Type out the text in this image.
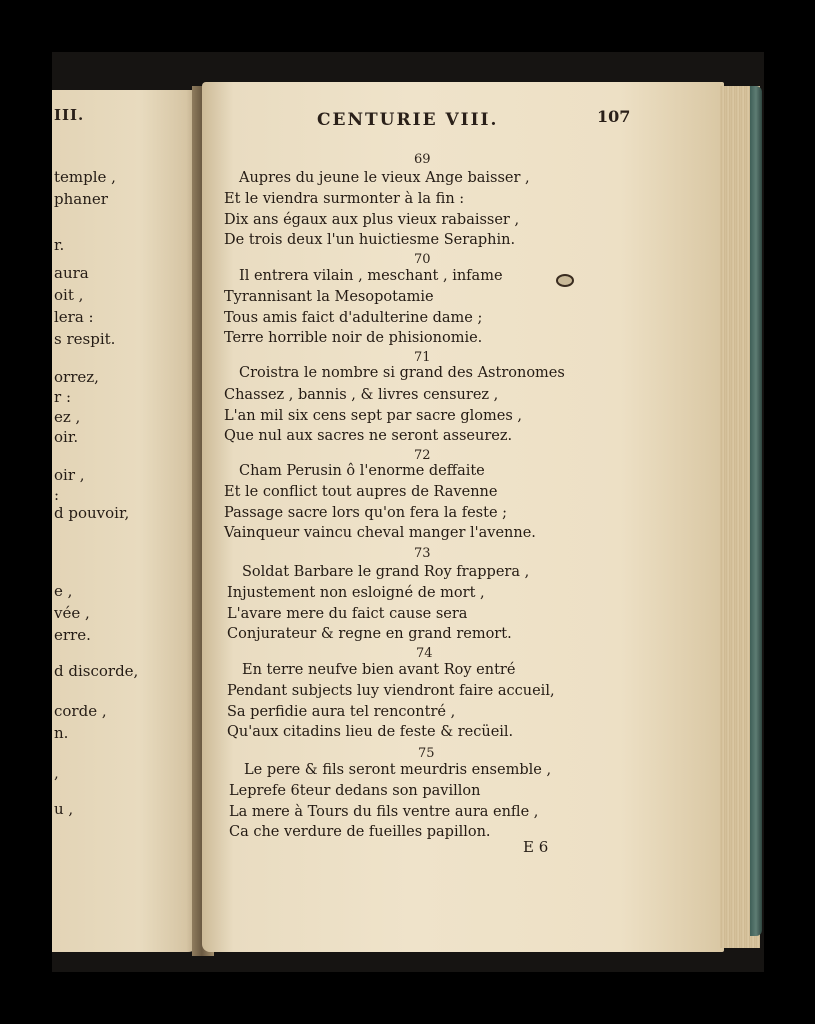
III.
temple ,
phaner
r.
aura
oit ,
lera :
s respit.
orrez,
r :
ez ,
oir.
oir ,
:
d pouvoir,
e ,
vée ,
erre.
d discorde,
corde ,
n.
,
u ,
CENTURIE VIII.	107
69
Aupres du jeune le vieux Ange baisser ,
Et le viendra surmonter à la fin :
Dix ans égaux aux plus vieux rabaisser ,
De trois deux l'un huictiesme Seraphin.
70
Il entrera vilain , meschant , infame
Tyrannisant la Mesopotamie
Tous amis faict d'adulterine dame ;
Terre horrible noir de phisionomie.
71
Croistra le nombre si grand des Astronomes
Chassez , bannis , & livres censurez ,
L'an mil six cens sept par sacre glomes ,
Que nul aux sacres ne seront asseurez.
72
Cham Perusin ô l'enorme deffaite
Et le conflict tout aupres de Ravenne
Passage sacre lors qu'on fera la feste ;
Vainqueur vaincu cheval manger l'avenne.
73
Soldat Barbare le grand Roy frappera ,
Injustement non esloigné de mort ,
L'avare mere du faict cause sera
Conjurateur & regne en grand remort.
74
En terre neufve bien avant Roy entré
Pendant subjects luy viendront faire accueil,
Sa perfidie aura tel rencontré ,
Qu'aux citadins lieu de feste & recüeil.
75
Le pere & fils seront meurdris ensemble ,
Leprefe 6teur dedans son pavillon
La mere à Tours du fils ventre aura enfle ,
Ca che verdure de fueilles papillon.
E 6
